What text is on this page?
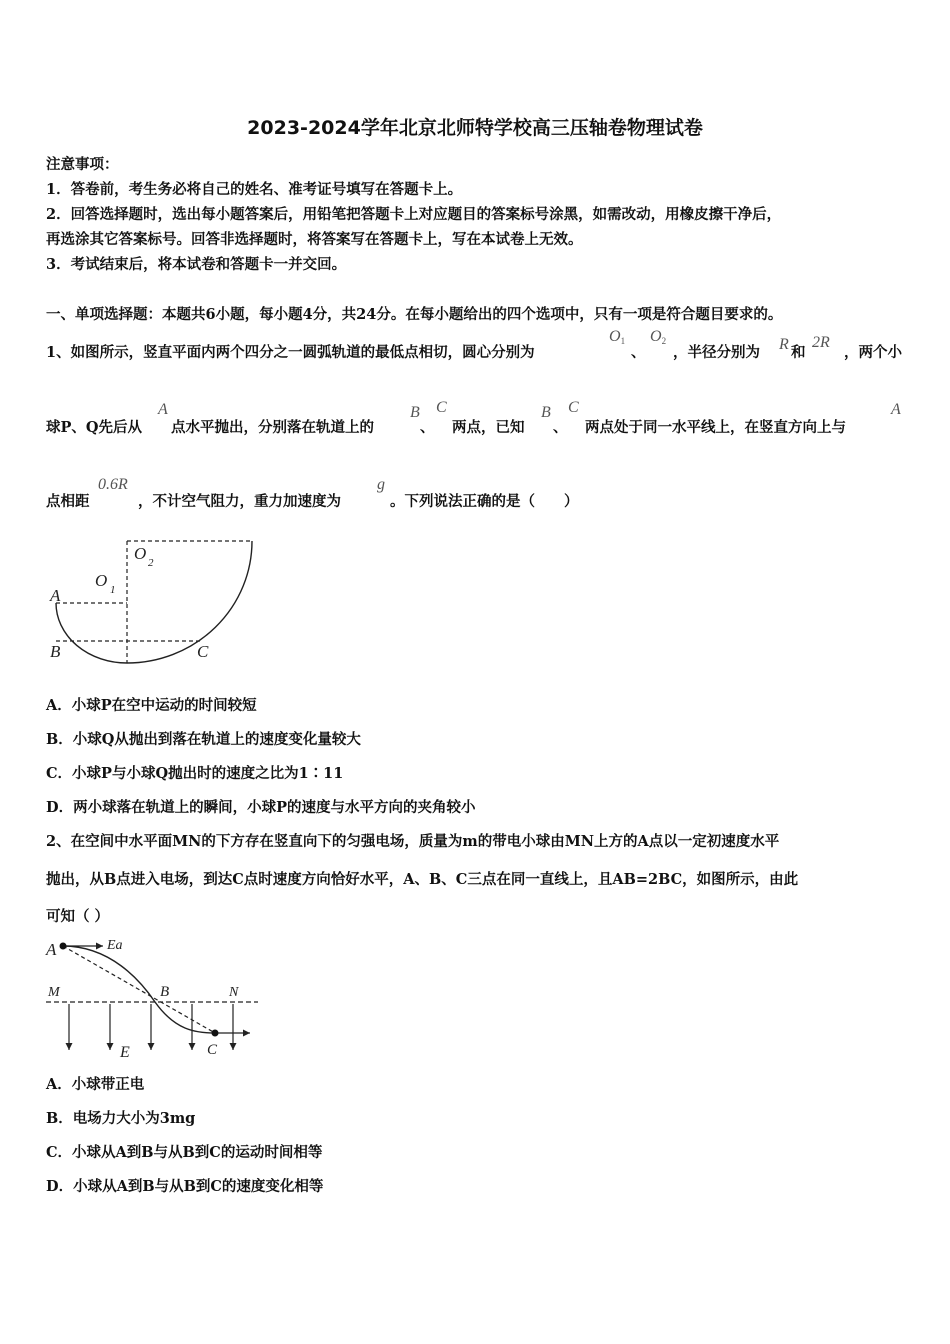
2023-2024学年北京北师特学校高三压轴卷物理试卷
注意事项：
1．答卷前，考生务必将自己的姓名、准考证号填写在答题卡上。
2．回答选择题时，选出每小题答案后，用铅笔把答题卡上对应题目的答案标号涂黑，如需改动，用橡皮擦干净后，
再选涂其它答案标号。回答非选择题时，将答案写在答题卡上，写在本试卷上无效。
3．考试结束后，将本试卷和答题卡一并交回。
一、单项选择题：本题共6小题，每小题4分，共24分。在每小题给出的四个选项中，只有一项是符合题目要求的。
1、如图所示，竖直平面内两个四分之一圆弧轨道的最低点相切，圆心分别为
$O_1$
、
$O_2$
，半径分别为 R 和
2R
，两个小
球P、Q先后从
A
点水平抛出，分别落在轨道上的
B
、
C
两点，已知
B
、
C
两点处于同一水平线上，在竖直方向上与
A
点相距
0.6R
，不计空气阻力，重力加速度为
g
。下列说法正确的是（　　）
A
B	C
O 1
O 2
A．小球P在空中运动的时间较短
B．小球Q从抛出到落在轨道上的速度变化量较大
C．小球P与小球Q抛出时的速度之比为1∶11
D．两小球落在轨道上的瞬间，小球P的速度与水平方向的夹角较小
2、在空间中水平面MN的下方存在竖直向下的匀强电场，质量为m的带电小球由MN上方的A点以一定初速度水平
抛出，从B点进入电场，到达C点时速度方向恰好水平，A、B、C三点在同一直线上，且AB=2BC，如图所示，由此
可知（ ）
A	Ea
M	B	N
E	C
A．小球带正电
B．电场力大小为3mg
C．小球从A到B与从B到C的运动时间相等
D．小球从A到B与从B到C的速度变化相等
